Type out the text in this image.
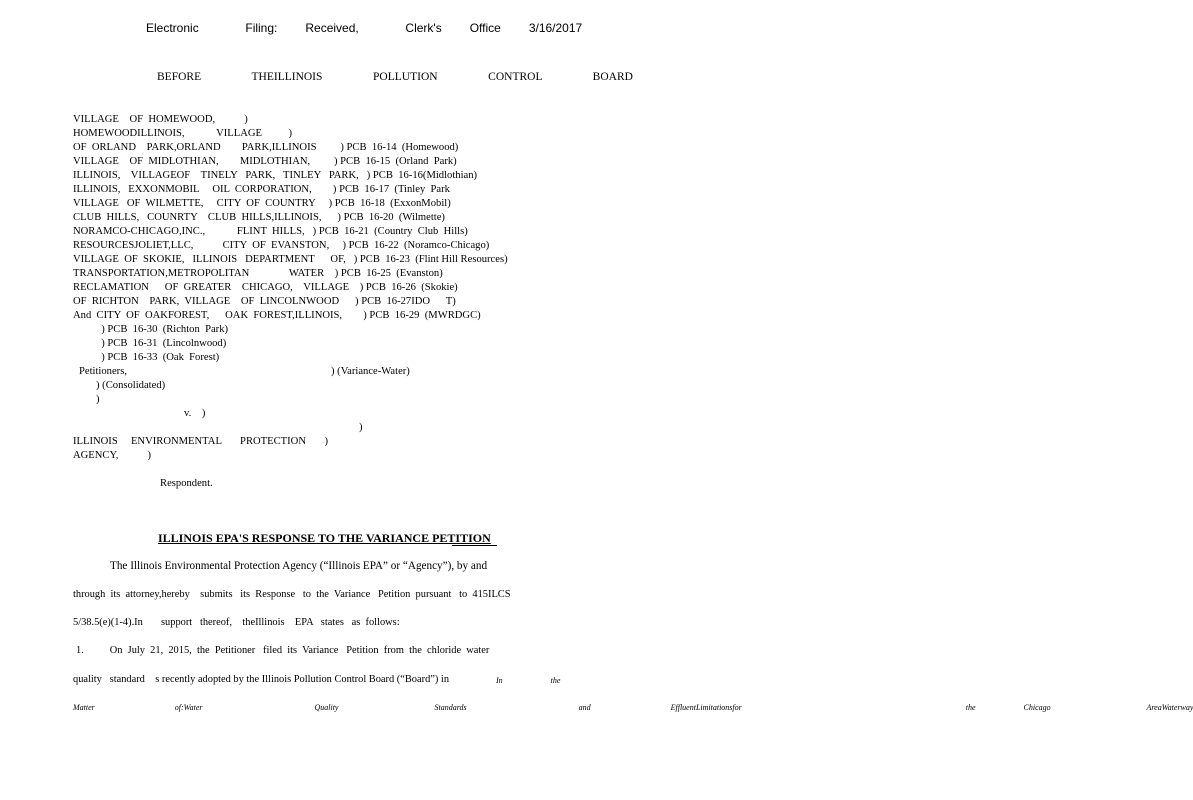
Electronic     Filing:   Received,     Clerk's   Office   3/16/2017
BEFORE   THEILLINOIS   POLLUTION   CONTROL   BOARD
VILLAGE    OF  HOMEWOOD,           )
HOMEWOODILLINOIS,            VILLAGE          )
OF  ORLAND    PARK,ORLAND        PARK,ILLINOIS         ) PCB  16-14  (Homewood)
VILLAGE    OF  MIDLOTHIAN,        MIDLOTHIAN,         ) PCB  16-15  (Orland  Park)
ILLINOIS,    VILLAGEOF    TINELY   PARK,   TINLEY   PARK,   ) PCB  16-16(Midlothian)
ILLINOIS,   EXXONMOBIL     OIL  CORPORATION,        ) PCB  16-17  (Tinley  Park
VILLAGE   OF  WILMETTE,     CITY  OF  COUNTRY     ) PCB  16-18  (ExxonMobil)
CLUB  HILLS,   COUNRTY    CLUB  HILLS,ILLINOIS,      ) PCB  16-20  (Wilmette)
NORAMCO-CHICAGO,INC.,            FLINT  HILLS,   ) PCB  16-21  (Country  Club  Hills)
RESOURCESJOLIET,LLC,           CITY  OF  EVANSTON,     ) PCB  16-22  (Noramco-Chicago)
VILLAGE  OF  SKOKIE,   ILLINOIS   DEPARTMENT      OF,   ) PCB  16-23  (Flint Hill Resources)
TRANSPORTATION,METROPOLITAN               WATER    ) PCB  16-25  (Evanston)
RECLAMATION      OF  GREATER    CHICAGO,    VILLAGE    ) PCB  16-26  (Skokie)
OF  RICHTON    PARK,  VILLAGE    OF  LINCOLNWOOD      ) PCB  16-27IDO      T)
And  CITY  OF  OAKFOREST,      OAK  FOREST,ILLINOIS,        ) PCB  16-29  (MWRDGC)
) PCB  16-30  (Richton  Park)
) PCB  16-31  (Lincolnwood)
) PCB  16-33  (Oak  Forest)
Petitioners,	) (Variance-Water)
) (Consolidated)
)
v.    )
)
ILLINOIS     ENVIRONMENTAL       PROTECTION       )
AGENCY,           )
Respondent.
ILLINOIS EPA'S RESPONSE TO THE VARIANCE PETITION
The Illinois Environmental Protection Agency (“Illinois EPA” or “Agency”), by and
through  its  attorney,hereby    submits   its  Response   to  the  Variance   Petition  pursuant   to  415ILCS
5/38.5(e)(1-4).In       support   thereof,    theIllinois    EPA   states   as  follows:
1.          On  July  21,  2015,  the  Petitioner   filed  its  Variance   Petition  from  the  chloride  water
quality   standard    s recently adopted by the Illinois Pollution Control Board (“Board”) in	In   the
Matter     of:Water       Quality      Standards       and     EffluentLimitationsfor              the   Chicago      AreaWaterway
